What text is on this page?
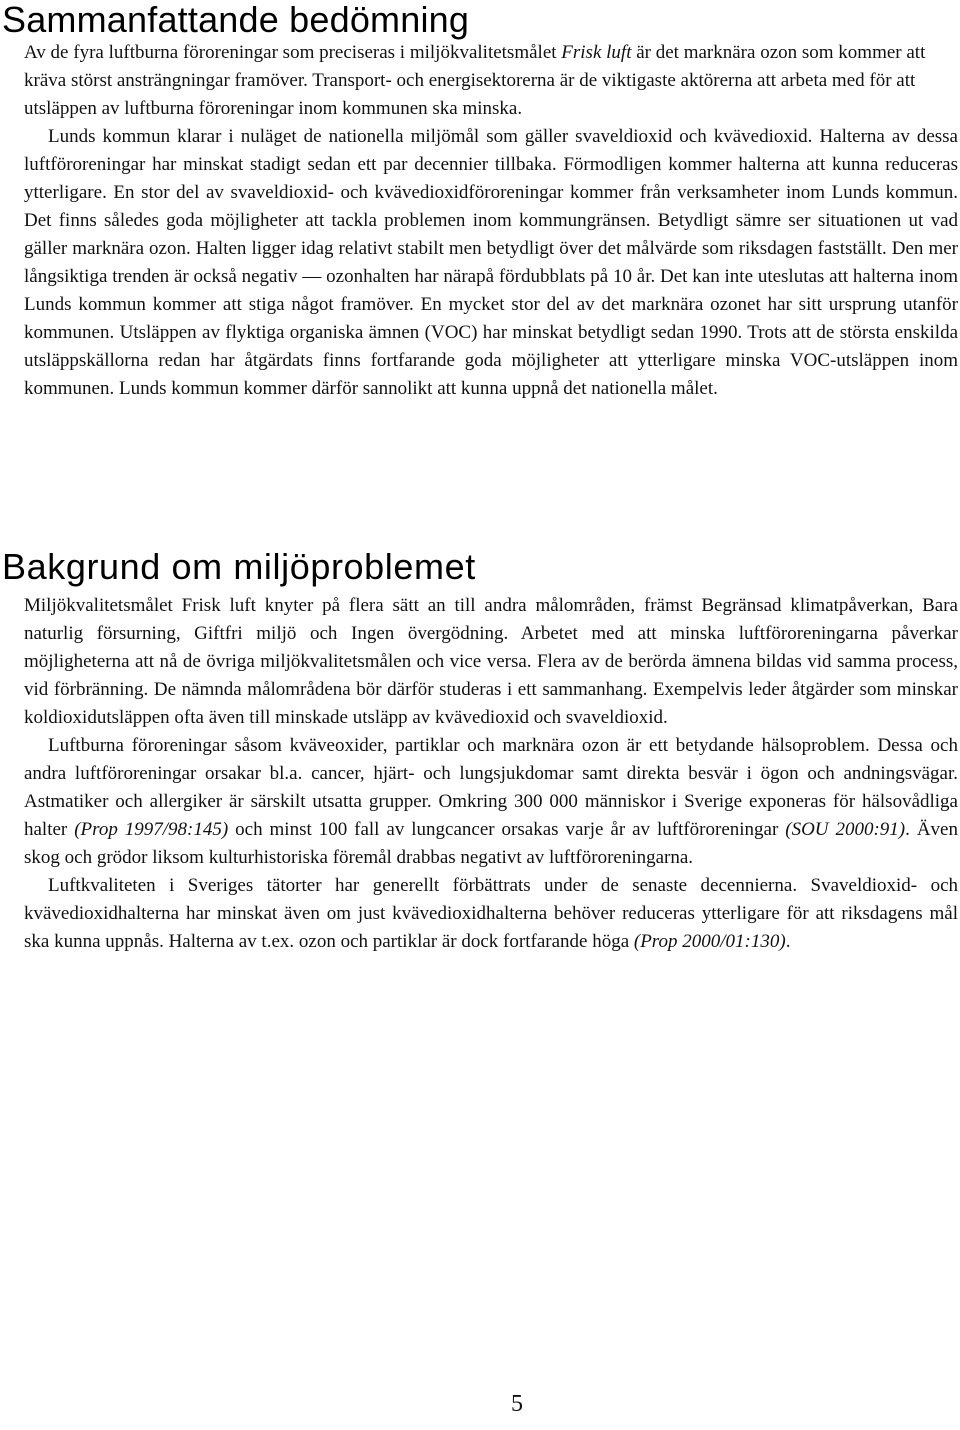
Sammanfattande bedömning

Av de fyra luftburna föroreningar som preciseras i miljökvalitetsmålet Frisk luft är det marknära ozon som kommer att kräva störst ansträngningar framöver. Transport- och energisektorerna är de viktigaste aktörerna att arbeta med för att utsläppen av luftburna föroreningar inom kommunen ska minska.

Lunds kommun klarar i nuläget de nationella miljömål som gäller svaveldioxid och kvävedioxid. Halterna av dessa luftföroreningar har minskat stadigt sedan ett par decennier tillbaka. Förmodligen kommer halterna att kunna reduceras ytterligare. En stor del av svaveldioxid- och kvävedioxidföroreningar kommer från verksamheter inom Lunds kommun. Det finns således goda möjligheter att tackla problemen inom kommungränsen. Betydligt sämre ser situationen ut vad gäller marknära ozon. Halten ligger idag relativt stabilt men betydligt över det målvärde som riksdagen fastställt. Den mer långsiktiga trenden är också negativ — ozonhalten har närapå fördubblats på 10 år. Det kan inte uteslutas att halterna inom Lunds kommun kommer att stiga något framöver. En mycket stor del av det marknära ozonet har sitt ursprung utanför kommunen. Utsläppen av flyktiga organiska ämnen (VOC) har minskat betydligt sedan 1990. Trots att de största enskilda utsläppskällorna redan har åtgärdats finns fortfarande goda möjligheter att ytterligare minska VOC-utsläppen inom kommunen. Lunds kommun kommer därför sannolikt att kunna uppnå det nationella målet.

Bakgrund om miljöproblemet

Miljökvalitetsmålet Frisk luft knyter på flera sätt an till andra målområden, främst Begränsad klimatpåverkan, Bara naturlig försurning, Giftfri miljö och Ingen övergödning. Arbetet med att minska luftföroreningarna påverkar möjligheterna att nå de övriga miljökvalitetsmålen och vice versa. Flera av de berörda ämnena bildas vid samma process, vid förbränning. De nämnda målområdena bör därför studeras i ett sammanhang. Exempelvis leder åtgärder som minskar koldioxidutsläppen ofta även till minskade utsläpp av kvävedioxid och svaveldioxid.

Luftburna föroreningar såsom kväveoxider, partiklar och marknära ozon är ett betydande hälsoproblem. Dessa och andra luftföroreningar orsakar bl.a. cancer, hjärt- och lungsjukdomar samt direkta besvär i ögon och andningsvägar. Astmatiker och allergiker är särskilt utsatta grupper. Omkring 300 000 människor i Sverige exponeras för hälsovådliga halter (Prop 1997/98:145) och minst 100 fall av lungcancer orsakas varje år av luftföroreningar (SOU 2000:91). Även skog och grödor liksom kulturhistoriska föremål drabbas negativt av luftföroreningarna.

Luftkvaliteten i Sveriges tätorter har generellt förbättrats under de senaste decennierna. Svaveldioxid- och kvävedioxidhalterna har minskat även om just kvävedioxidhalterna behöver reduceras ytterligare för att riksdagens mål ska kunna uppnås. Halterna av t.ex. ozon och partiklar är dock fortfarande höga (Prop 2000/01:130).

5
